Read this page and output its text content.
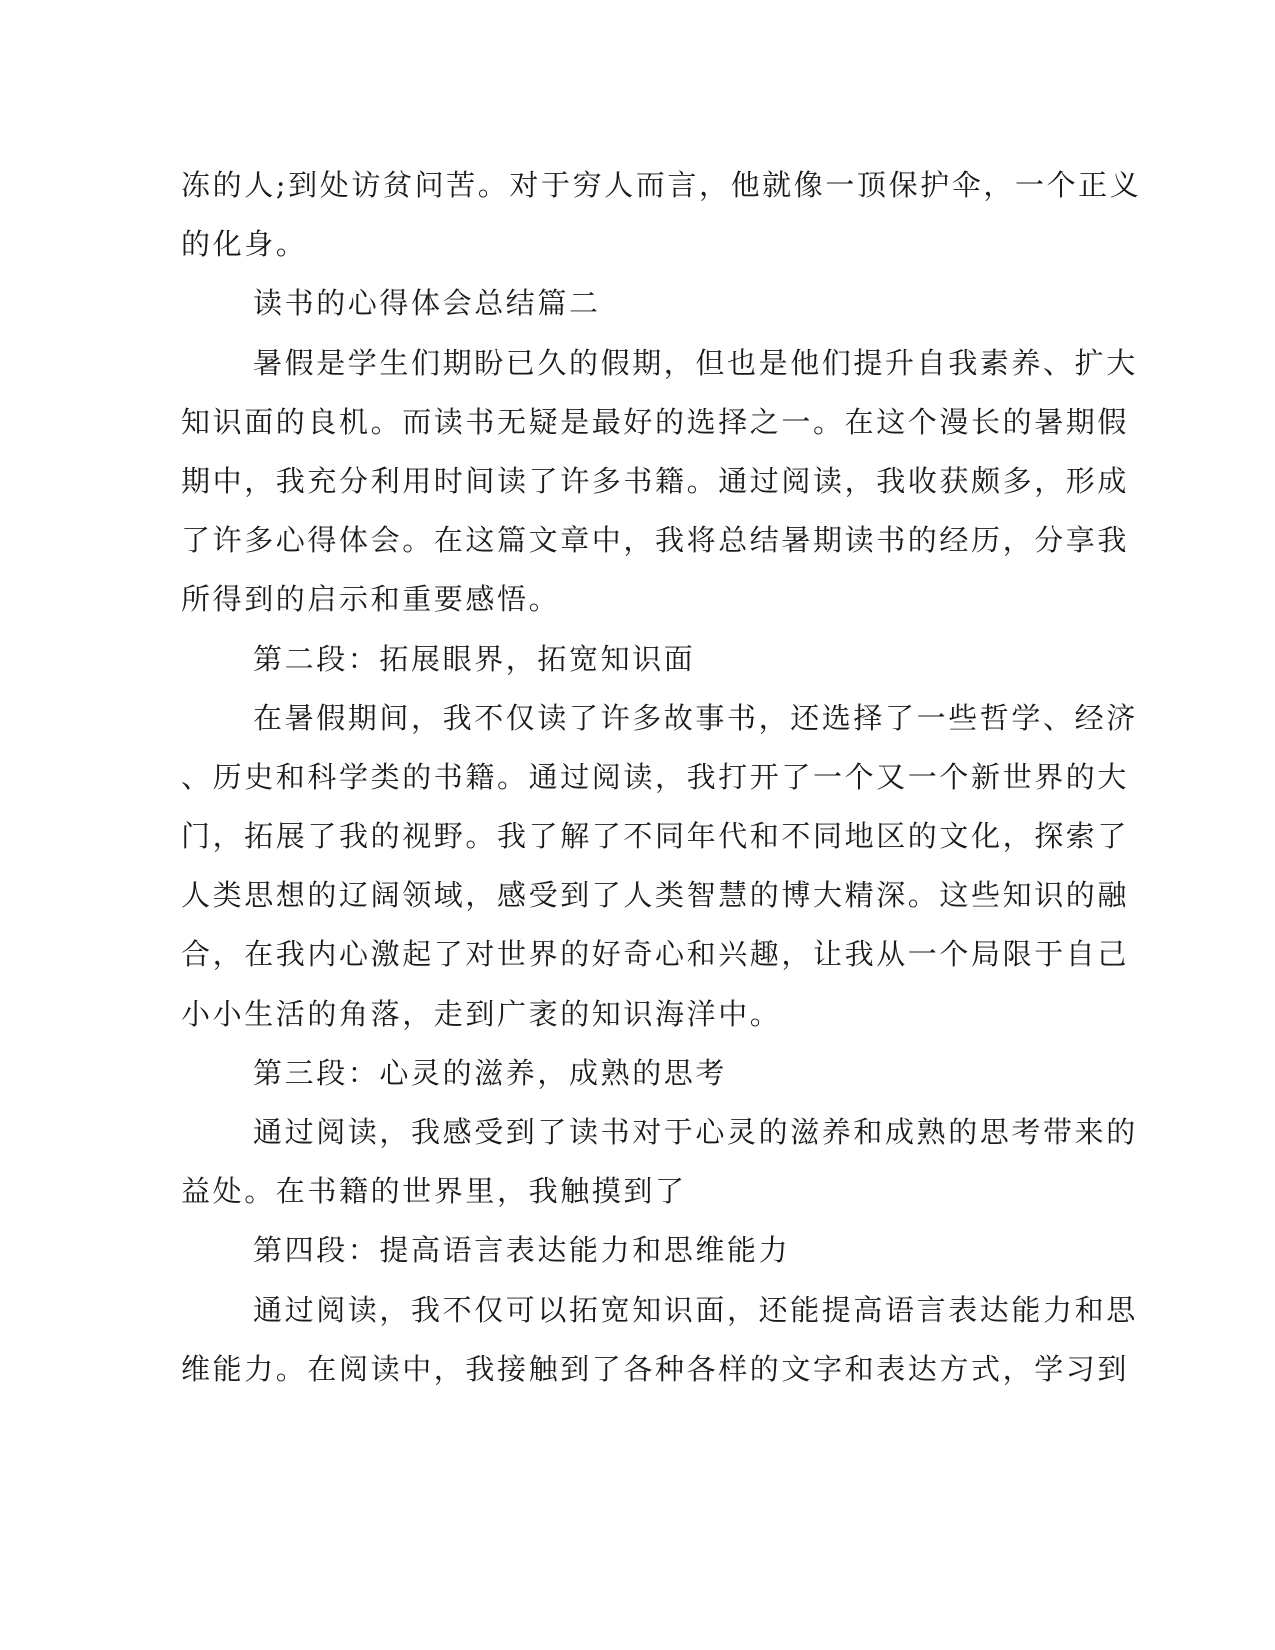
冻的人;到处访贫问苦。对于穷人而言，他就像一顶保护伞，一个正义
的化身。
读书的心得体会总结篇二
暑假是学生们期盼已久的假期，但也是他们提升自我素养、扩大
知识面的良机。而读书无疑是最好的选择之一。在这个漫长的暑期假
期中，我充分利用时间读了许多书籍。通过阅读，我收获颇多，形成
了许多心得体会。在这篇文章中，我将总结暑期读书的经历，分享我
所得到的启示和重要感悟。
第二段：拓展眼界，拓宽知识面
在暑假期间，我不仅读了许多故事书，还选择了一些哲学、经济
、历史和科学类的书籍。通过阅读，我打开了一个又一个新世界的大
门，拓展了我的视野。我了解了不同年代和不同地区的文化，探索了
人类思想的辽阔领域，感受到了人类智慧的博大精深。这些知识的融
合，在我内心激起了对世界的好奇心和兴趣，让我从一个局限于自己
小小生活的角落，走到广袤的知识海洋中。
第三段：心灵的滋养，成熟的思考
通过阅读，我感受到了读书对于心灵的滋养和成熟的思考带来的
益处。在书籍的世界里，我触摸到了
第四段：提高语言表达能力和思维能力
通过阅读，我不仅可以拓宽知识面，还能提高语言表达能力和思
维能力。在阅读中，我接触到了各种各样的文字和表达方式，学习到
